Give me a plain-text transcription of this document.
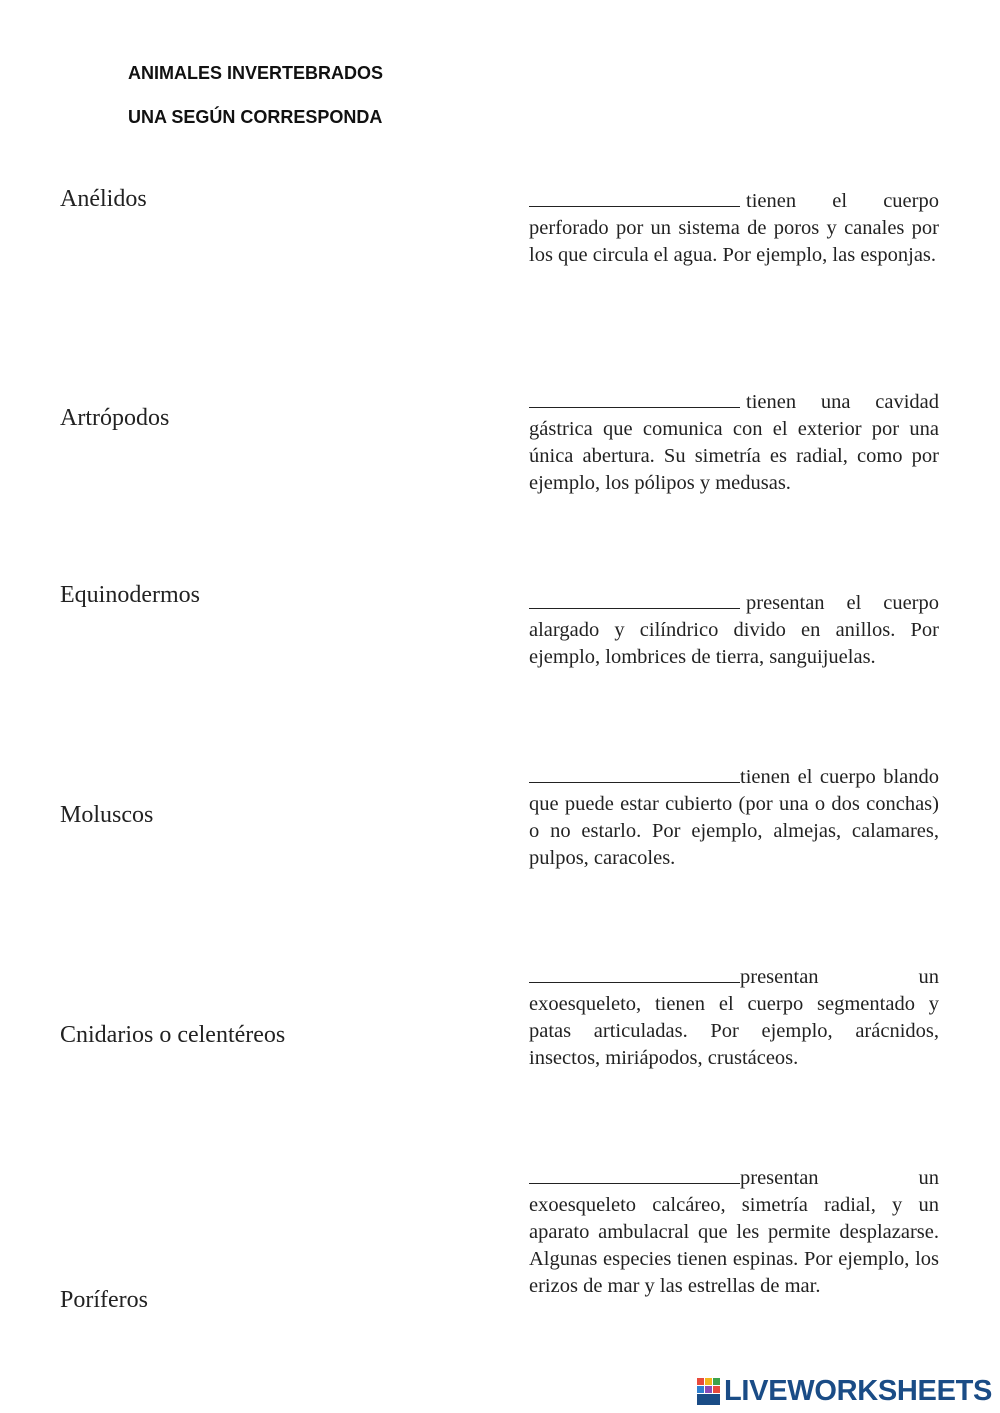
ANIMALES INVERTEBRADOS
UNA SEGÚN CORRESPONDA
Anélidos
Artrópodos
Equinodermos
Moluscos
Cnidarios o celentéreos
Poríferos
tienen el cuerpo perforado por un sistema de poros y canales por los que circula el agua. Por ejemplo, las esponjas.
tienen una cavidad gástrica que comunica con el exterior por una única abertura. Su simetría es radial, como por ejemplo, los pólipos y medusas.
presentan el cuerpo alargado y cilíndrico divido en anillos. Por ejemplo, lombrices de tierra, sanguijuelas.
tienen el cuerpo blando que puede estar cubierto (por una o dos conchas) o no estarlo. Por ejemplo, almejas, calamares, pulpos, caracoles.
presentan un exoesqueleto, tienen el cuerpo segmentado y patas articuladas. Por ejemplo, arácnidos, insectos, miriápodos, crustáceos.
presentan un exoesqueleto calcáreo, simetría radial, y un aparato ambulacral que les permite desplazarse. Algunas especies tienen espinas. Por ejemplo, los erizos de mar y las estrellas de mar.
LIVEWORKSHEETS
